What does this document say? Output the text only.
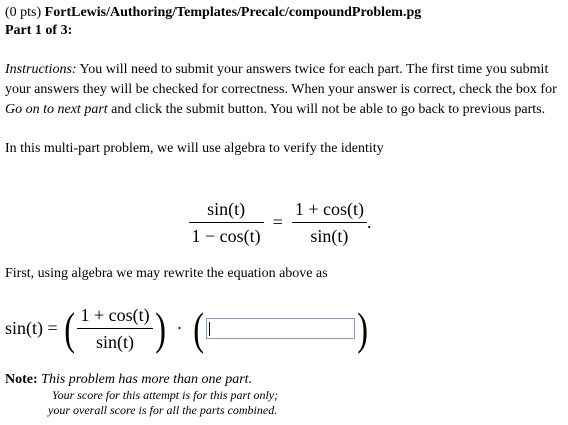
(0 pts) FortLewis/Authoring/Templates/Precalc/compoundProblem.pg
Part 1 of 3:

Instructions: You will need to submit your answers twice for each part. The first time you submit your answers they will be checked for correctness. When your answer is correct, check the box for Go on to next part and click the submit button. You will not be able to go back to previous parts.

In this multi-part problem, we will use algebra to verify the identity

$\frac{\sin(t)}{1 - \cos(t)} = \frac{1 + \cos(t)}{\sin(t)}$ .
First, using algebra we may rewrite the equation above as
sin(t) = ( $\frac{1 + \cos(t)}{\sin(t)}$ ) · (	)
Note: This problem has more than one part.
Your score for this attempt is for this part only;
your overall score is for all the parts combined.
